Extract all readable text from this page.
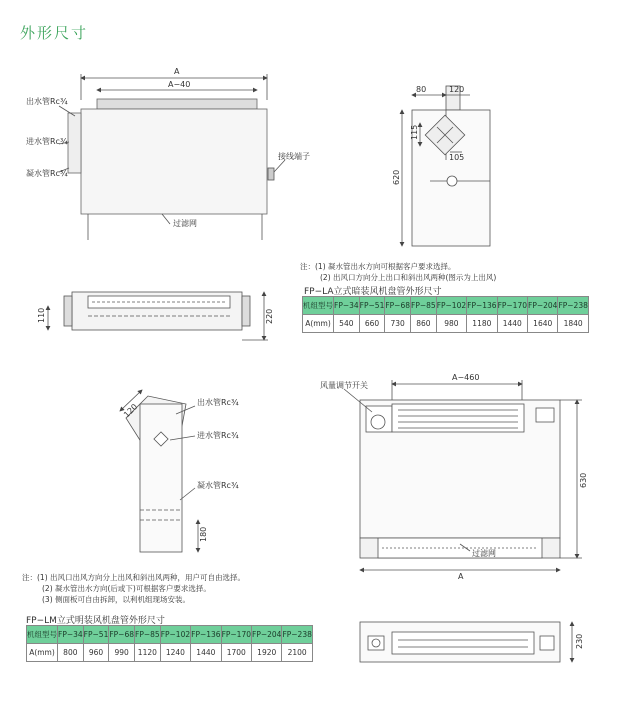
外形尺寸
A
A−40
出水管Rc¾
进水管Rc¾
凝水管Rc¾
接线端子
过滤网
80	120
115
105
620
110	220
120	出水管Rc¾
进水管Rc¾
凝水管Rc¾
180
风量调节开关
A−460
630
过滤网
A
230
注：(1) 凝水管出水方向可根据客户要求选择。
(2) 出风口方向分上出口和斜出风两种(图示为上出风)
FP−LA立式暗装风机盘管外形尺寸
机组型号	FP−34	FP−51	FP−68	FP−85	FP−102	FP−136	FP−170	FP−204	FP−238
A(mm)	540	660	730	860	980	1180	1440	1640	1840
注：(1) 出风口出风方向分上出风和斜出风两种，用户可自由选择。
(2) 凝水管出水方向(后或下)可根据客户要求选择。
(3) 侧面板可自由拆卸，以利机组现场安装。
FP−LM立式明装风机盘管外形尺寸
机组型号	FP−34	FP−51	FP−68	FP−85	FP−102	FP−136	FP−170	FP−204	FP−238
A(mm)	800	960	990	1120	1240	1440	1700	1920	2100
